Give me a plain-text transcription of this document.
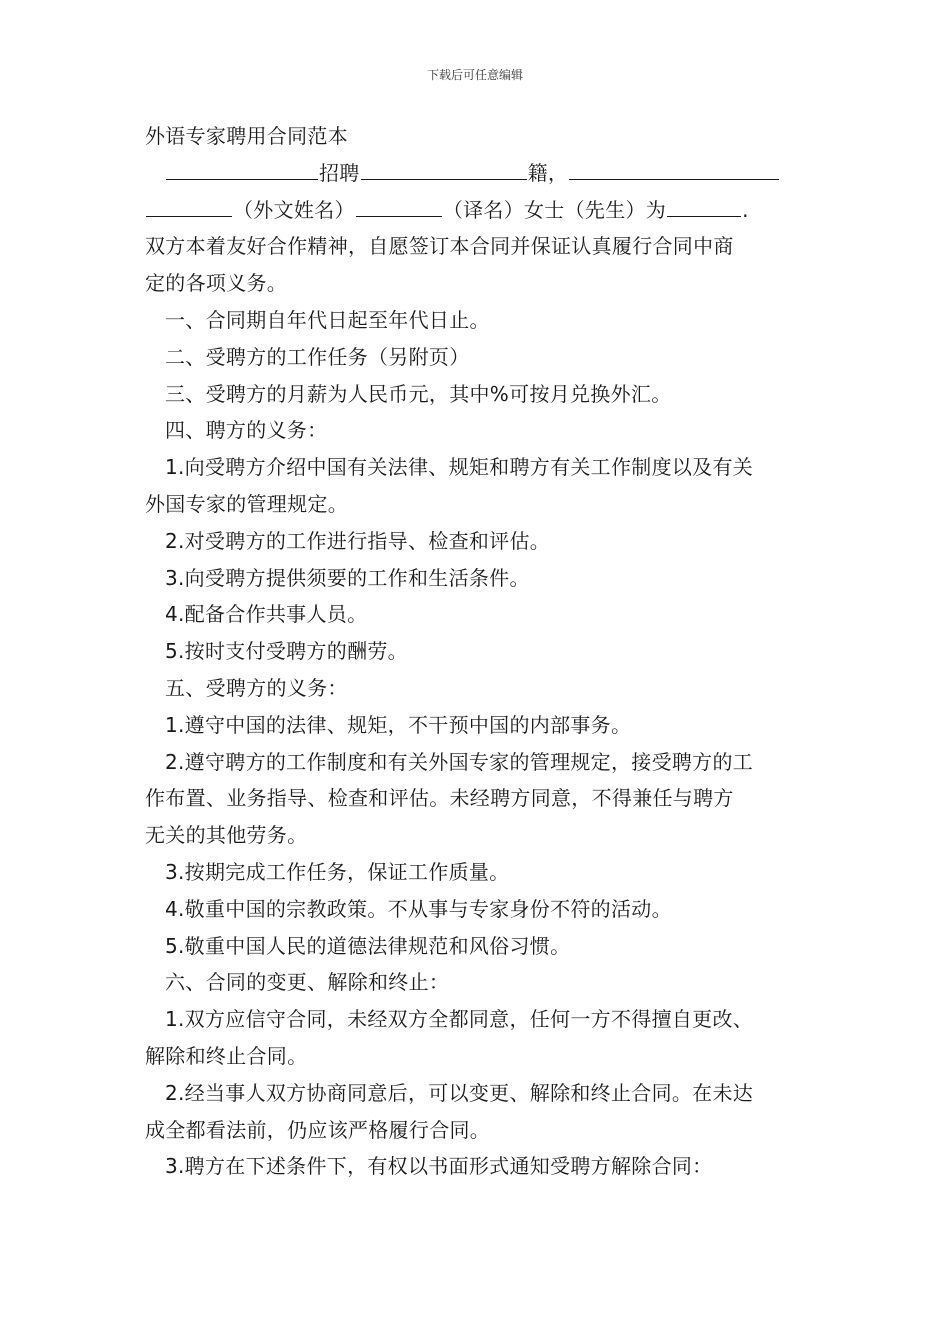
下载后可任意编辑
外语专家聘用合同范本
招聘	籍，
（外文姓名）	（译名）女士（先生）为	.
双方本着友好合作精神，自愿签订本合同并保证认真履行合同中商
定的各项义务。
一、合同期自年代日起至年代日止。
二、受聘方的工作任务（另附页）
三、受聘方的月薪为人民币元，其中%可按月兑换外汇。
四、聘方的义务：
1.向受聘方介绍中国有关法律、规矩和聘方有关工作制度以及有关
外国专家的管理规定。
2.对受聘方的工作进行指导、检查和评估。
3.向受聘方提供须要的工作和生活条件。
4.配备合作共事人员。
5.按时支付受聘方的酬劳。
五、受聘方的义务：
1.遵守中国的法律、规矩，不干预中国的内部事务。
2.遵守聘方的工作制度和有关外国专家的管理规定，接受聘方的工
作布置、业务指导、检查和评估。未经聘方同意，不得兼任与聘方
无关的其他劳务。
3.按期完成工作任务，保证工作质量。
4.敬重中国的宗教政策。不从事与专家身份不符的活动。
5.敬重中国人民的道德法律规范和风俗习惯。
六、合同的变更、解除和终止：
1.双方应信守合同，未经双方全都同意，任何一方不得擅自更改、
解除和终止合同。
2.经当事人双方协商同意后，可以变更、解除和终止合同。在未达
成全都看法前，仍应该严格履行合同。
3.聘方在下述条件下，有权以书面形式通知受聘方解除合同：
